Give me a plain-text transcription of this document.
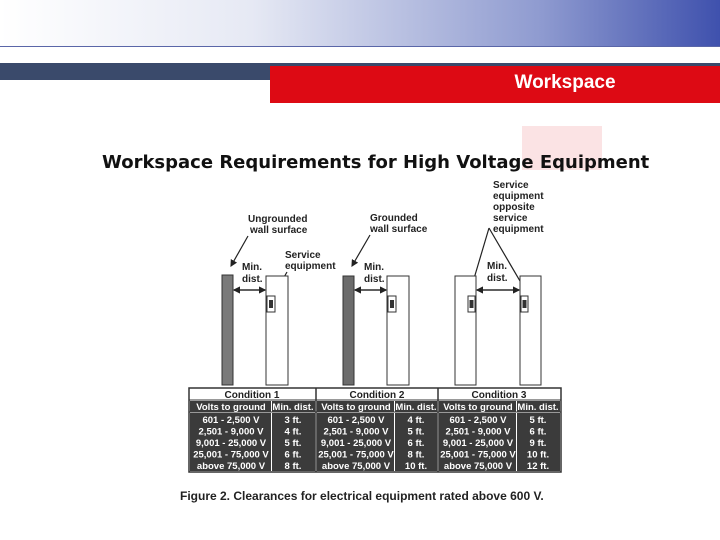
Workspace
Workspace Requirements for High Voltage Equipment
Ungrounded
wall surface
Service
equipment
Min.
dist.
Grounded
wall surface
Min.
dist.
Service
equipment
opposite
service
equipment
Min.
dist.
Condition 1	Condition 2	Condition 3
Volts to ground Min. dist. Volts to ground Min. dist. Volts to ground Min. dist.
601 - 2,500 V	3 ft.	601 - 2,500 V 4 ft.	601 - 2,500 V 5 ft.
2,501 - 9,000 V 4 ft. 2,501 - 9,000 V 5 ft. 2,501 - 9,000 V 6 ft.
9,001 - 25,000 V 5 ft. 9,001 - 25,000 V 6 ft. 9,001 - 25,000 V 9 ft.
25,001 - 75,000 V 6 ft. 25,001 - 75,000 V 8 ft. 25,001 - 75,000 V 10 ft.
above 75,000 V 8 ft. above 75,000 V 10 ft. above 75,000 V 12 ft.
Figure 2. Clearances for electrical equipment rated above 600 V.
